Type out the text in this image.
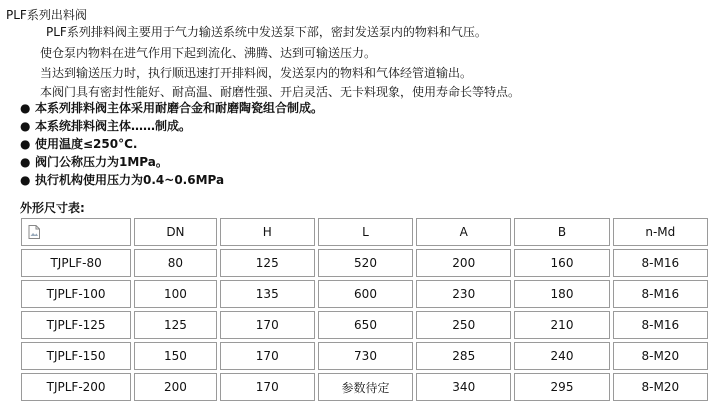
PLF系列出料阀
PLF系列排料阀主要用于气力输送系统中发送泵下部，密封发送泵内的物料和气压。
使仓泵内物料在进气作用下起到流化、沸腾、达到可输送压力。
当达到输送压力时，执行顺迅速打开排料阀，发送泵内的物料和气体经管道输出。
本阀门具有密封性能好、耐高温、耐磨性强、开启灵活、无卡料现象，使用寿命长等特点。
● 本系列排料阀主体采用耐磨合金和耐磨陶瓷组合制成。
● 本系统排料阀主体……制成。
● 使用温度≤250°C.
● 阀门公称压力为1MPa。
● 执行机构使用压力为0.4~0.6MPa
外形尺寸表:
	DN	H	L	A	B	n-Md
TJPLF-80	80	125	520	200	160	8-M16
TJPLF-100	100	135	600	230	180	8-M16
TJPLF-125	125	170	650	250	210	8-M16
TJPLF-150	150	170	730	285	240	8-M20
TJPLF-200	200	170	参数待定	340	295	8-M20
